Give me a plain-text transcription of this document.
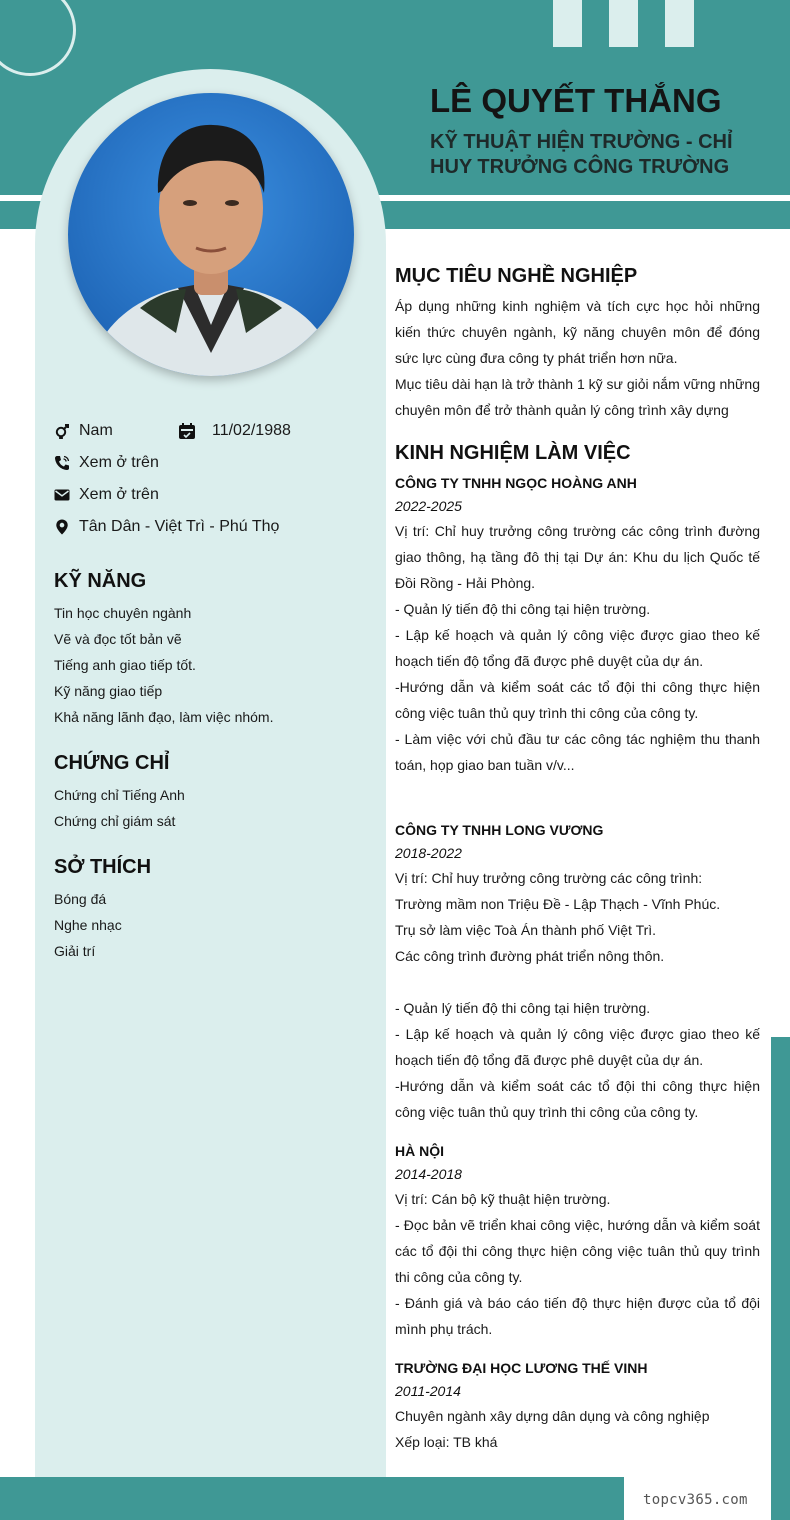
topcv365.com
Nam	11/02/1988
Xem ở trên
Xem ở trên
Tân Dân - Việt Trì - Phú Thọ
KỸ NĂNG
Tin học chuyên ngành
Vẽ và đọc tốt bản vẽ
Tiếng anh giao tiếp tốt.
Kỹ năng giao tiếp
Khả năng lãnh đạo, làm việc nhóm.
CHỨNG CHỈ
Chứng chỉ Tiếng Anh
Chứng chỉ giám sát
SỞ THÍCH
Bóng đá
Nghe nhạc
Giải trí
LÊ QUYẾT THẮNG
KỸ THUẬT HIỆN TRƯỜNG - CHỈ HUY TRƯỞNG CÔNG TRƯỜNG
MỤC TIÊU NGHỀ NGHIỆP

Áp dụng những kinh nghiệm và tích cực học hỏi những kiến thức chuyên ngành, kỹ năng chuyên môn để đóng sức lực cùng đưa công ty phát triển hơn nữa.

Mục tiêu dài hạn là trở thành 1 kỹ sư giỏi nắm vững những chuyên môn để trở thành quản lý công trình xây dựng

KINH NGHIỆM LÀM VIỆC
CÔNG TY TNHH NGỌC HOÀNG ANH
2022-2025

Vị trí: Chỉ huy trưởng công trường các công trình đường giao thông, hạ tầng đô thị tại Dự án: Khu du lịch Quốc tế Đồi Rồng - Hải Phòng.

- Quản lý tiến độ thi công tại hiện trường.

- Lập kế hoạch và quản lý công việc được giao theo kế hoạch tiến độ tổng đã được phê duyệt của dự án.

-Hướng dẫn và kiểm soát các tổ đội thi công thực hiện công việc tuân thủ quy trình thi công của công ty.

- Làm việc với chủ đầu tư các công tác nghiệm thu thanh toán, họp giao ban tuần v/v...

CÔNG TY TNHH LONG VƯƠNG
2018-2022

Vị trí: Chỉ huy trưởng công trường các công trình:

Trường mầm non Triệu Đề - Lập Thạch - Vĩnh Phúc.

Trụ sở làm việc Toà Án thành phố Việt Trì.

Các công trình đường phát triển nông thôn.

- Quản lý tiến độ thi công tại hiện trường.

- Lập kế hoạch và quản lý công việc được giao theo kế hoạch tiến độ tổng đã được phê duyệt của dự án.

-Hướng dẫn và kiểm soát các tổ đội thi công thực hiện công việc tuân thủ quy trình thi công của công ty.

HÀ NỘI
2014-2018

Vị trí: Cán bộ kỹ thuật hiện trường.

- Đọc bản vẽ triển khai công việc, hướng dẫn và kiểm soát các tổ đội thi công thực hiện công việc tuân thủ quy trình thi công của công ty.

- Đánh giá và báo cáo tiến độ thực hiện được của tổ đội mình phụ trách.

TRƯỜNG ĐẠI HỌC LƯƠNG THẾ VINH
2011-2014

Chuyên ngành xây dựng dân dụng và công nghiệp

Xếp loại: TB khá
